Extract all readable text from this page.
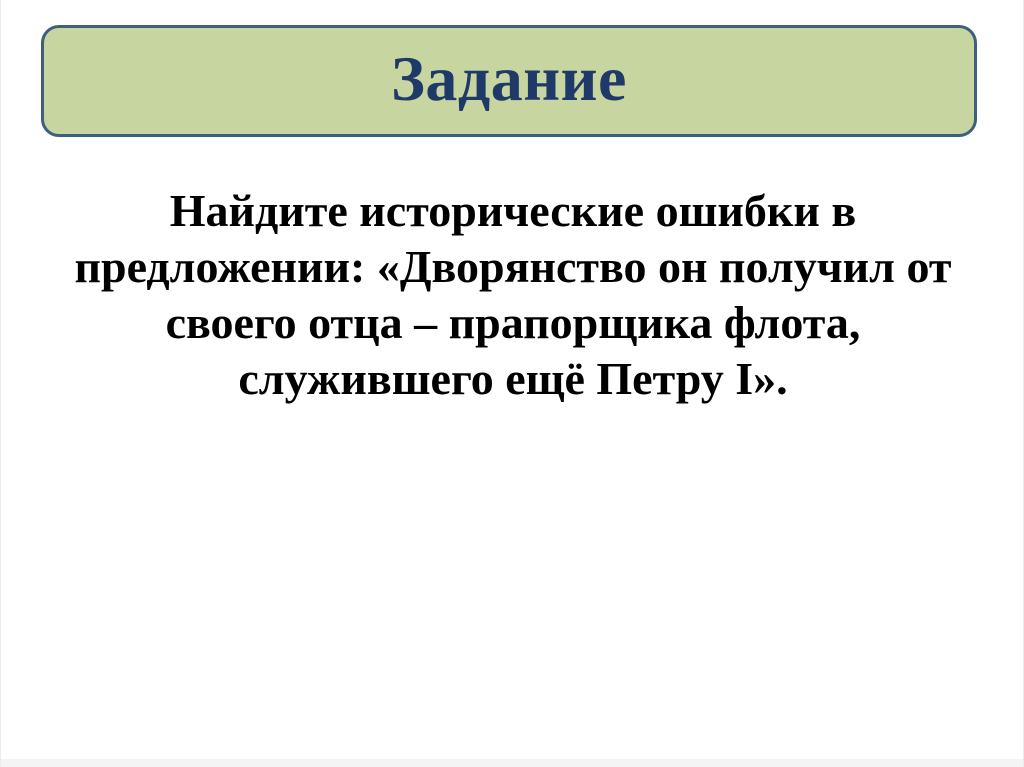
Задание
Найдите исторические ошибки в
предложении: «Дворянство он получил от
своего отца – прапорщика флота,
служившего ещё Петру I».
